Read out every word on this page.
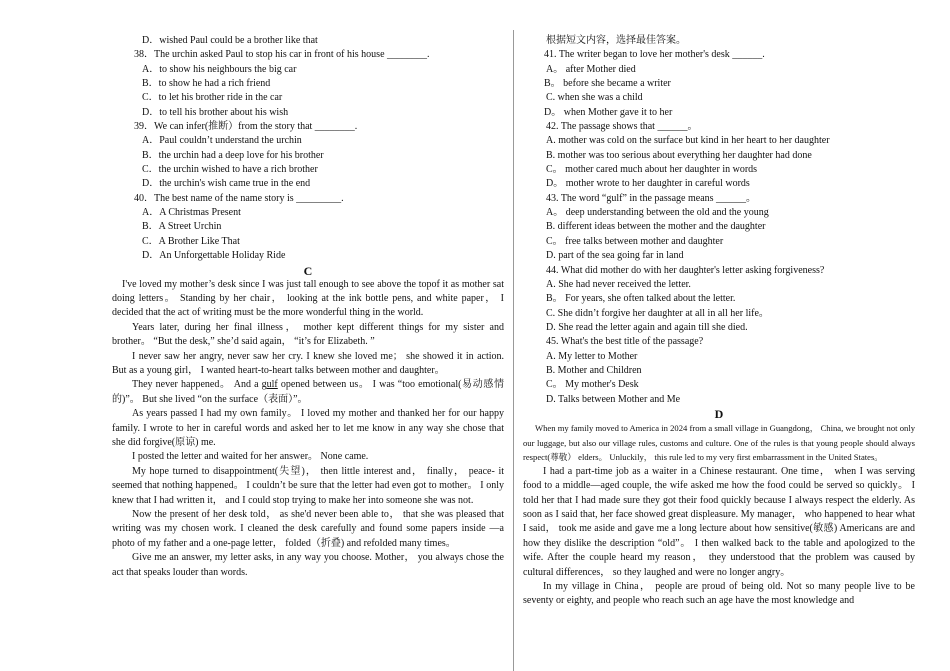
D．wished Paul could be a brother like that
38．The urchin asked Paul to stop his car in front of his house ________.
A．to show his neighbours the big car
B．to show he had a rich friend
C．to let his brother ride in the car
D．to tell his brother about his wish
39．We can infer(推断）from the story that ________.
A．Paul couldn’t understand the urchin
B．the urchin had a deep love for his brother
C．the urchin wished to have a rich brother
D．the urchin's wish came true in the end
40．The best name of the name story is _________.
A．A Christmas Present
B．A Street Urchin
C．A Brother Like That
D．An Unforgettable Holiday Ride
C

I've loved my mother’s desk since I was just tall enough to see above the topof it as mother sat doing letters。 Standing by her chair， looking at the ink bottle pens, and white paper， I decided that the act of writing must be the more wonderful thing in the world.

Years later, during her final illness， mother kept different things for my sister and brother。 “But the desk,” she’d said again， “it’s for Elizabeth. ”

I never saw her angry, never saw her cry. I knew she loved me； she showed it in action. But as a young girl， I wanted heart-to-heart talks between mother and daughter。

They never happened。 And a gulf opened between us。 I was “too emotional(易动感情的)”。 But she lived “on the surface（表面）”。

As years passed I had my own family。 I loved my mother and thanked her for our happy family. I wrote to her in careful words and asked her to let me know in any way she chose that she did forgive(原谅) me.

I posted the letter and waited for her answer。 None came.

My hope turned to disappointment(失望)， then little interest and， finally， peace- it seemed that nothing happened。 I couldn’t be sure that the letter had even got to mother。 I only knew that I had written it， and I could stop trying to make her into someone she was not.

Now the present of her desk told， as she'd never been able to， that she was pleased that writing was my chosen work. I cleaned the desk carefully and found some papers inside —a photo of my father and a one-page letter， folded（折叠) and refolded many times。

Give me an answer, my letter asks, in any way you choose. Mother， you always chose the act that speaks louder than words.

根据短文内容，选择最佳答案。
41. The writer began to love her mother's desk ______.
A。 after Mother died
B。 before she became a writer
C. when she was a child
D。 when Mother gave it to her
42. The passage shows that ______。
A. mother was cold on the surface but kind in her heart to her daughter
B. mother was too serious about everything her daughter had done
C。 mother cared much about her daughter in words
D。 mother wrote to her daughter in careful words
43. The word “gulf” in the passage means ______。
A。 deep understanding between the old and the young
B. different ideas between the mother and the daughter
C。 free talks between mother and daughter
D. part of the sea going far in land
44. What did mother do with her daughter's letter asking forgiveness?
A. She had never received the letter.
B。 For years, she often talked about the letter.
C. She didn’t forgive her daughter at all in all her life。
D. She read the letter again and again till she died.
45. What's the best title of the passage?
A. My letter to Mother
B. Mother and Children
C。 My mother's Desk
D. Talks between Mother and Me
D

When my family moved to America in 2024 from a small village in Guangdong， China, we brought not only our luggage, but also our village rules, customs and culture. One of the rules is that young people should always respect(尊敬） elders。 Unluckily， this rule led to my very first embarrassment in the United States。

I had a part-time job as a waiter in a Chinese restaurant. One time， when I was serving food to a middle—aged couple, the wife asked me how the food could be served so quickly。 I told her that I had made sure they got their food quickly because I always respect the elderly. As soon as I said that, her face showed great displeasure. My manager， who happened to hear what I said， took me aside and gave me a long lecture about how sensitive(敏感) Americans are and how they dislike the description “old”。 I then walked back to the table and apologized to the wife. After the couple heard my reason， they understood that the problem was caused by cultural differences， so they laughed and were no longer angry。

In my village in China， people are proud of being old. Not so many people live to be seventy or eighty, and people who reach such an age have the most knowledge and
